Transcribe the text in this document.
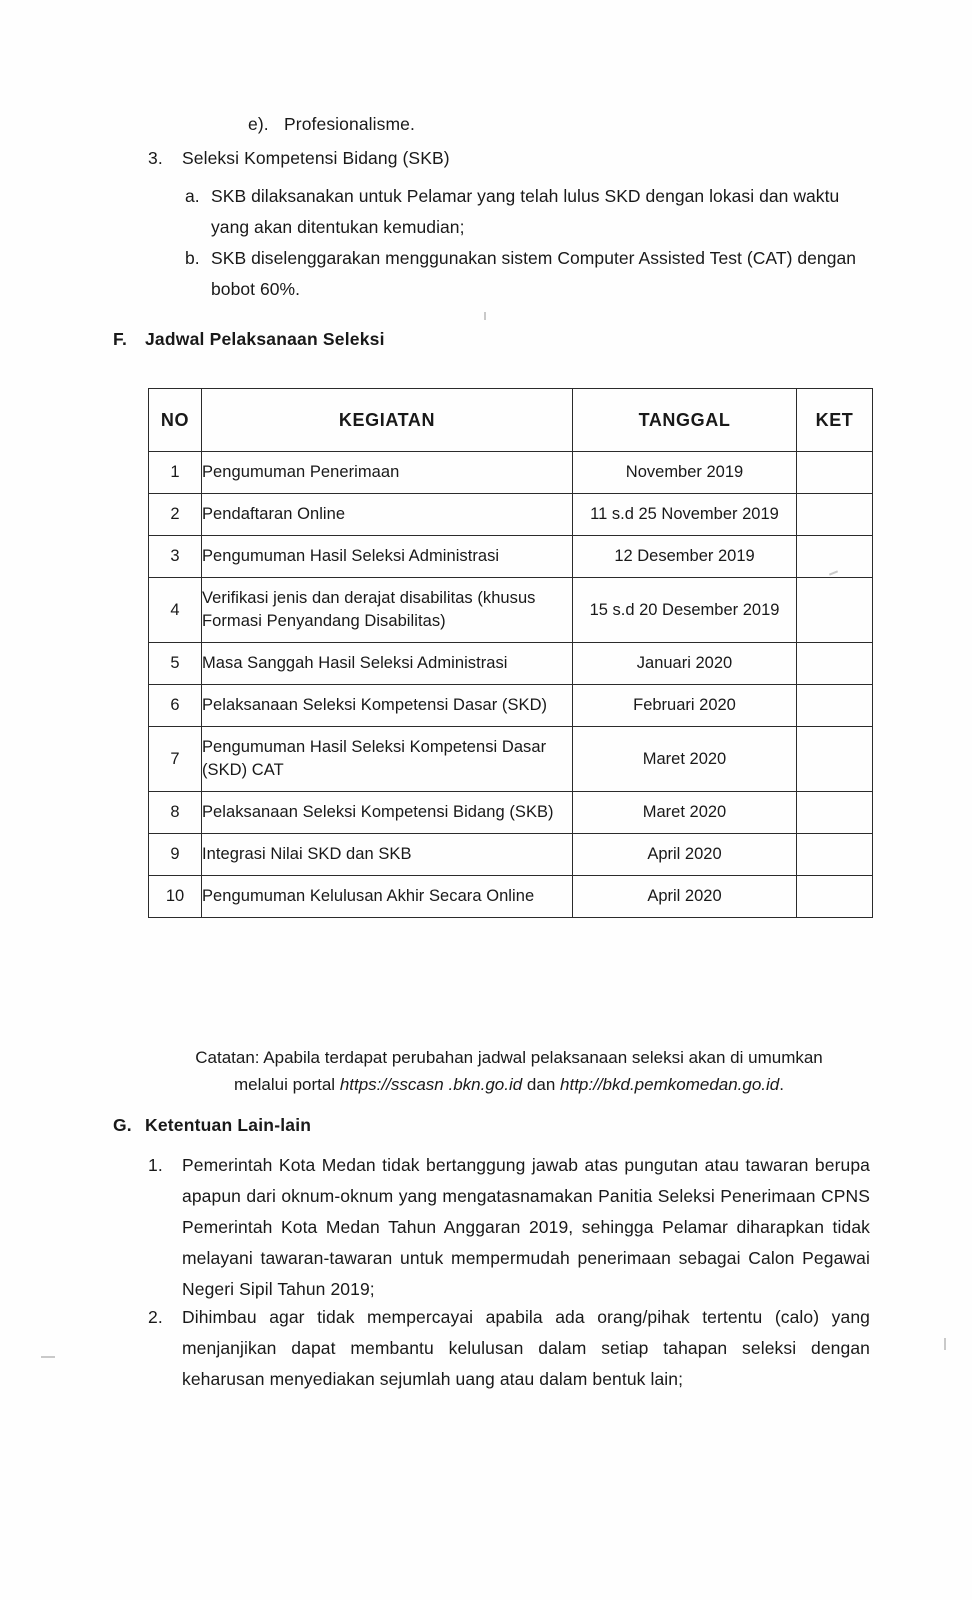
e). Profesionalisme.
3.	Seleksi Kompetensi Bidang (SKB)
a. SKB dilaksanakan untuk Pelamar yang telah lulus SKD dengan lokasi dan waktu yang akan ditentukan kemudian;
b. SKB diselenggarakan menggunakan sistem Computer Assisted Test (CAT) dengan bobot 60%.
F.	Jadwal Pelaksanaan Seleksi
NO	KEGIATAN	TANGGAL	KET
1	Pengumuman Penerimaan	November 2019	
2	Pendaftaran Online	11 s.d 25 November 2019	
3	Pengumuman Hasil Seleksi Administrasi	12 Desember 2019	
4	Verifikasi jenis dan derajat disabilitas (khusus Formasi Penyandang Disabilitas)	15 s.d 20 Desember 2019	
5	Masa Sanggah Hasil Seleksi Administrasi	Januari 2020	
6	Pelaksanaan Seleksi Kompetensi Dasar (SKD)	Februari 2020	
7	Pengumuman Hasil Seleksi Kompetensi Dasar (SKD) CAT	Maret 2020	
8	Pelaksanaan Seleksi Kompetensi Bidang (SKB)	Maret 2020	
9	Integrasi Nilai SKD dan SKB	April 2020	
10	Pengumuman Kelulusan Akhir Secara Online	April 2020	
Catatan: Apabila terdapat perubahan jadwal pelaksanaan seleksi akan di umumkan
melalui portal https://sscasn .bkn.go.id dan http://bkd.pemkomedan.go.id.
G. Ketentuan Lain-lain
1.	Pemerintah Kota Medan tidak bertanggung jawab atas pungutan atau tawaran berupa apapun dari oknum-oknum yang mengatasnamakan Panitia Seleksi Penerimaan CPNS Pemerintah Kota Medan Tahun Anggaran 2019, sehingga Pelamar diharapkan tidak melayani tawaran-tawaran untuk mempermudah penerimaan sebagai Calon Pegawai Negeri Sipil Tahun 2019;
2.	Dihimbau agar tidak mempercayai apabila ada orang/pihak tertentu (calo) yang menjanjikan dapat membantu kelulusan dalam setiap tahapan seleksi dengan keharusan menyediakan sejumlah uang atau dalam bentuk lain;
